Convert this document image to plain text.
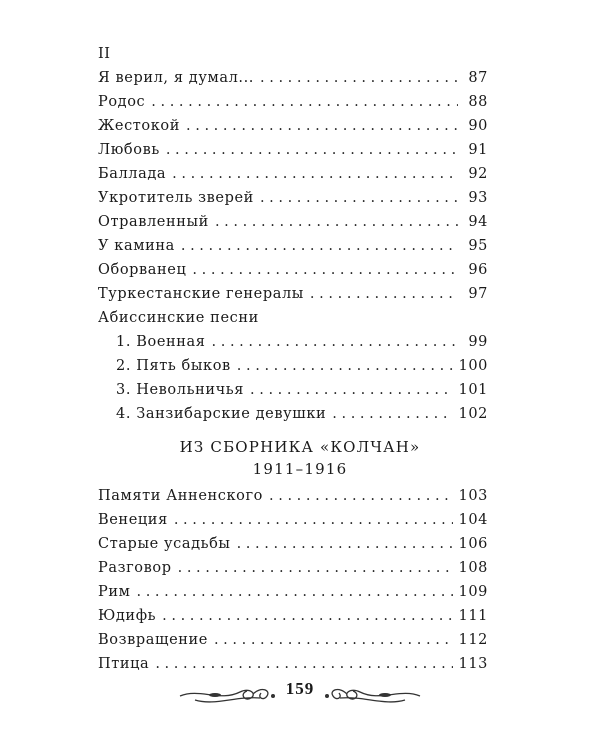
II
Я верил, я думал... . . .	87
Родос . . .	88
Жестокой . . .	90
Любовь . . .	91
Баллада . . .	92
Укротитель зверей . . .	93
Отравленный . . .	94
У камина . . .	95
Оборванец . . .	96
Туркестанские генералы . . .	97
Абиссинские песни
1. Военная . . .	99
2. Пять быков . . .	100
3. Невольничья . . .	101
4. Занзибарские девушки . . .	102
ИЗ СБОРНИКА «КОЛЧАН»
1911–1916
Памяти Анненского . . .	103
Венеция . . .	104
Старые усадьбы . . .	106
Разговор . . .	108
Рим . . .	109
Юдифь . . .	111
Возвращение . . .	112
Птица . . .	113
159
